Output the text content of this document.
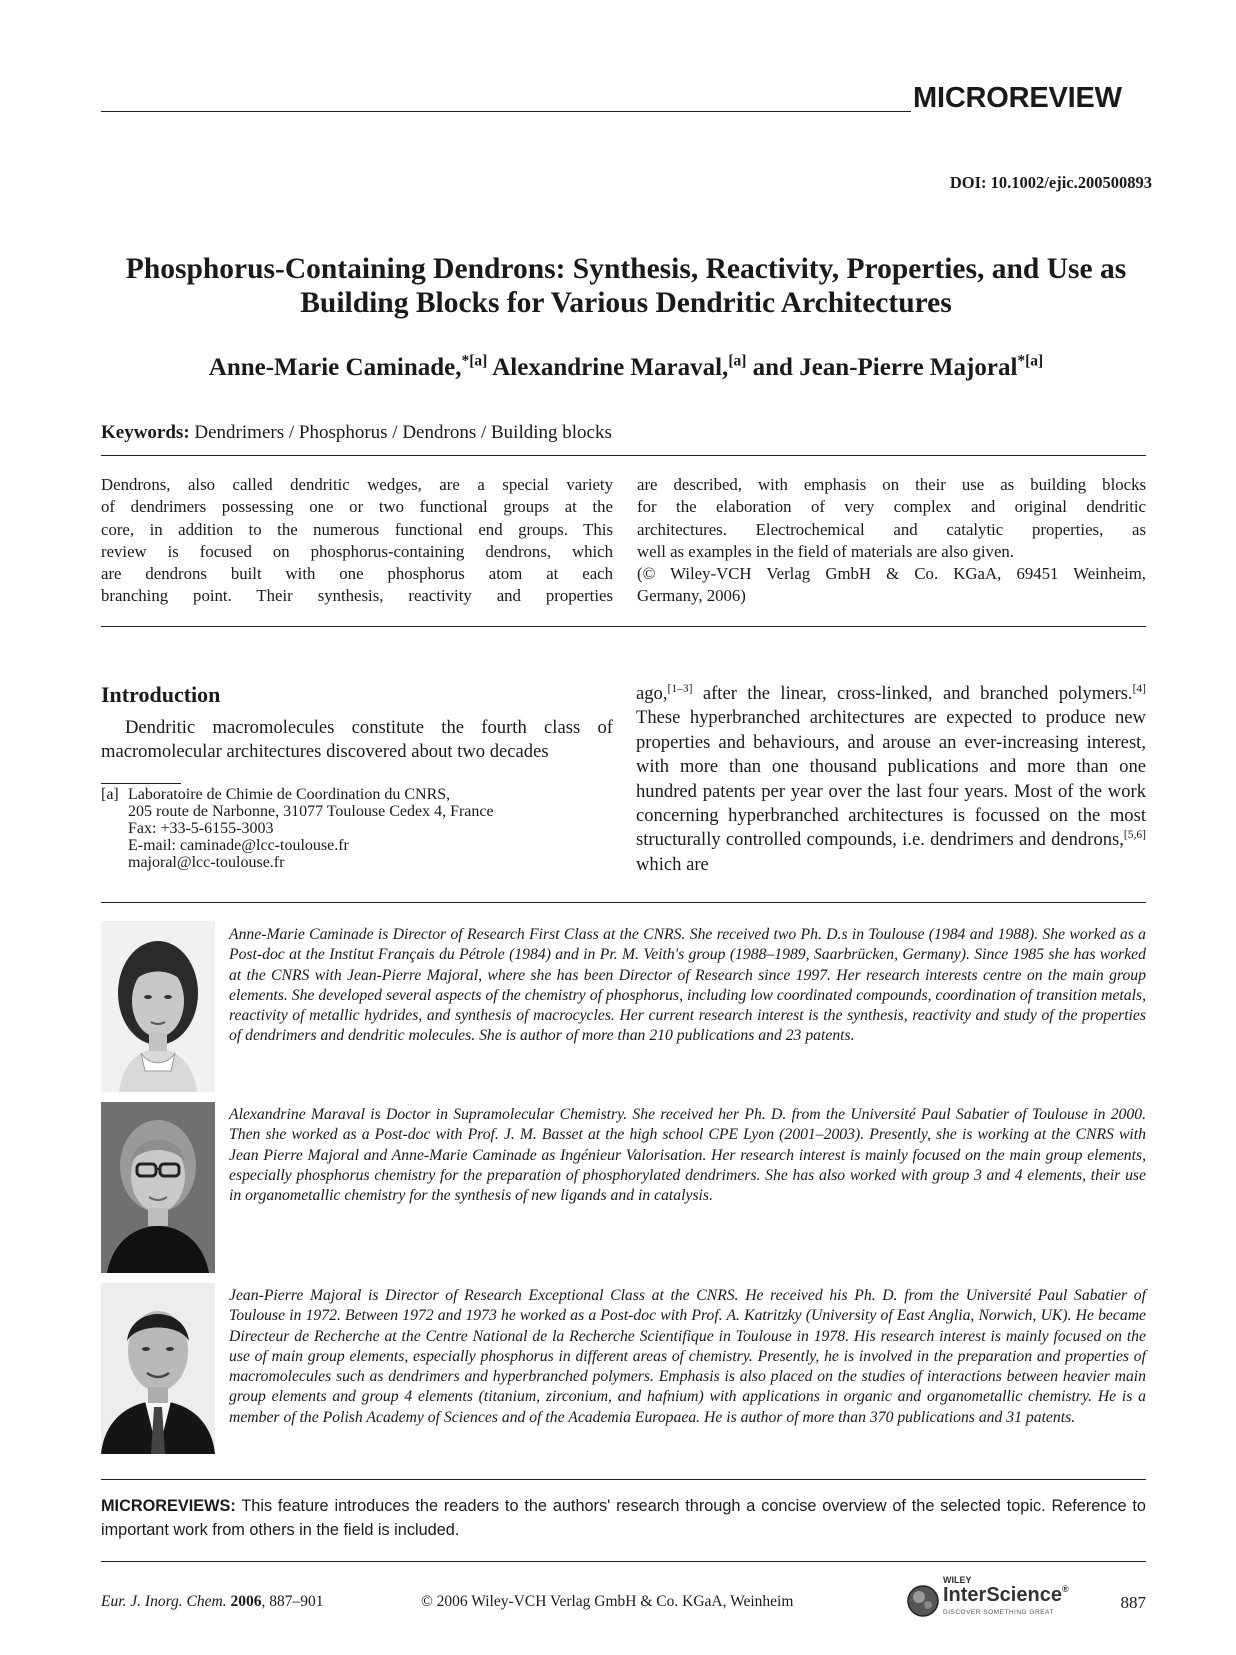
MICROREVIEW
DOI: 10.1002/ejic.200500893
Phosphorus-Containing Dendrons: Synthesis, Reactivity, Properties, and Use as
Building Blocks for Various Dendritic Architectures
Anne-Marie Caminade,$^{*[a]}$ Alexandrine Maraval,[a] and Jean-Pierre Majoral$^{*[a]}$
Keywords: Dendrimers / Phosphorus / Dendrons / Building blocks
Dendrons, also called dendritic wedges, are a special variety
of dendrimers possessing one or two functional groups at the
core, in addition to the numerous functional end groups. This
review is focused on phosphorus-containing dendrons, which
are dendrons built with one phosphorus atom at each
branching point. Their synthesis, reactivity and properties
are described, with emphasis on their use as building blocks
for the elaboration of very complex and original dendritic
architectures. Electrochemical and catalytic properties, as
well as examples in the field of materials are also given.
(© Wiley-VCH Verlag GmbH & Co. KGaA, 69451 Weinheim,
Germany, 2006)
Introduction
Dendritic macromolecules constitute the fourth class of macromolecular architectures discovered about two decades
ago,[1–3] after the linear, cross-linked, and branched polymers.[4] These hyperbranched architectures are expected to produce new properties and behaviours, and arouse an ever-increasing interest, with more than one thousand publications and more than one hundred patents per year over the last four years. Most of the work concerning hyperbranched architectures is focussed on the most structurally controlled compounds, i.e. dendrimers and dendrons,[5,6] which are
[a] Laboratoire de Chimie de Coordination du CNRS,
205 route de Narbonne, 31077 Toulouse Cedex 4, France
Fax: +33-5-6155-3003
E-mail: caminade@lcc-toulouse.fr
majoral@lcc-toulouse.fr
Anne-Marie Caminade is Director of Research First Class at the CNRS. She received two Ph. D.s in Toulouse (1984 and 1988). She worked as a Post-doc at the Institut Français du Pétrole (1984) and in Pr. M. Veith's group (1988–1989, Saarbrücken, Germany). Since 1985 she has worked at the CNRS with Jean-Pierre Majoral, where she has been Director of Research since 1997. Her research interests centre on the main group elements. She developed several aspects of the chemistry of phosphorus, including low coordinated compounds, coordination of transition metals, reactivity of metallic hydrides, and synthesis of macrocycles. Her current research interest is the synthesis, reactivity and study of the properties of dendrimers and dendritic molecules. She is author of more than 210 publications and 23 patents.
Alexandrine Maraval is Doctor in Supramolecular Chemistry. She received her Ph. D. from the Université Paul Sabatier of Toulouse in 2000. Then she worked as a Post-doc with Prof. J. M. Basset at the high school CPE Lyon (2001–2003). Presently, she is working at the CNRS with Jean Pierre Majoral and Anne-Marie Caminade as Ingénieur Valorisation. Her research interest is mainly focused on the main group elements, especially phosphorus chemistry for the preparation of phosphorylated dendrimers. She has also worked with group 3 and 4 elements, their use in organometallic chemistry for the synthesis of new ligands and in catalysis.
Jean-Pierre Majoral is Director of Research Exceptional Class at the CNRS. He received his Ph. D. from the Université Paul Sabatier of Toulouse in 1972. Between 1972 and 1973 he worked as a Post-doc with Prof. A. Katritzky (University of East Anglia, Norwich, UK). He became Directeur de Recherche at the Centre National de la Recherche Scientifique in Toulouse in 1978. His research interest is mainly focused on the use of main group elements, especially phosphorus in different areas of chemistry. Presently, he is involved in the preparation and properties of macromolecules such as dendrimers and hyperbranched polymers. Emphasis is also placed on the studies of interactions between heavier main group elements and group 4 elements (titanium, zirconium, and hafnium) with applications in organic and organometallic chemistry. He is a member of the Polish Academy of Sciences and of the Academia Europaea. He is author of more than 370 publications and 31 patents.
MICROREVIEWS: This feature introduces the readers to the authors' research through a concise overview of the selected topic. Reference to important work from others in the field is included.
Eur. J. Inorg. Chem. 2006, 887–901	© 2006 Wiley-VCH Verlag GmbH & Co. KGaA, Weinheim
WILEY
InterScience®
DISCOVER SOMETHING GREAT
887
